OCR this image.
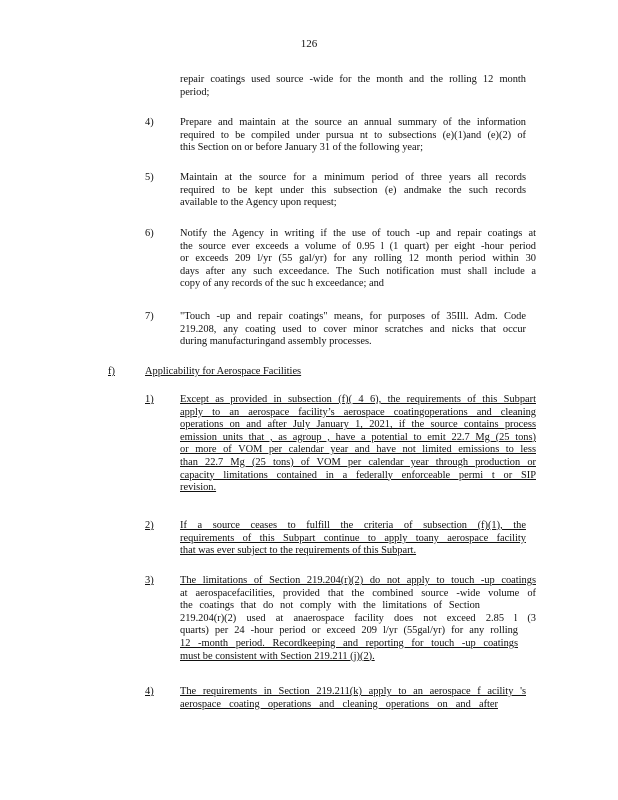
126
repair coatings used source -wide for the month and the rolling 12 month
period;
4)	Prepare and maintain at the source an annual summary of the information
required to be compiled under pursua nt to subsections (e)(1)and (e)(2) of
this Section on or before January 31 of the following year;
5)	Maintain at the source for a minimum period of three years all records
required to be kept under this subsection (e) andmake the such records
available to the Agency upon request;
6)	Notify the Agency in writing if the use of touch -up and repair coatings at
the source ever exceeds a volume of 0.95 l (1 quart) per eight -hour period
or exceeds 209 l/yr (55 gal/yr) for any rolling 12 month period within 30
days after any such exceedance. The Such notification must shall include a
copy of any records of the suc h exceedance; and
7)	"Touch -up and repair coatings" means, for purposes of 35Ill. Adm. Code
219.208, any coating used to cover minor scratches and nicks that occur
during manufacturingand assembly processes.
f)	Applicability for Aerospace Facilities
1)	Except as provided in subsection (f)( 4 6), the requirements of this Subpart
apply to an aerospace facility’s aerospace coatingoperations and cleaning
operations on and after July January 1, 2021, if the source contains process
emission units that , as agroup , have a potential to emit 22.7 Mg (25 tons)
or more of VOM per calendar year and have not limited emissions to less
than 22.7 Mg (25 tons) of VOM per calendar year through production or
capacity limitations contained in a federally enforceable permi t or SIP
revision.
2)	If a source ceases to fulfill the criteria of subsection (f)(1), the
requirements of this Subpart continue to apply toany aerospace facility
that was ever subject to the requirements of this Subpart.
3)	The limitations of Section 219.204(r)(2) do not apply to touch -up coatings
at aerospacefacilities, provided that the combined source -wide volume of
the coatings that do not comply with the limitations of Section
219.204(r)(2) used at anaerospace facility does not exceed 2.85 l (3
quarts) per 24 -hour period or exceed 209 l/yr (55gal/yr) for any rolling
12 -month period. Recordkeeping and reporting for touch -up coatings
must be consistent with Section 219.211 (j)(2).
4)	The requirements in Section 219.211(k) apply to an aerospace f acility 's
aerospace coating operations and cleaning operations on and after
